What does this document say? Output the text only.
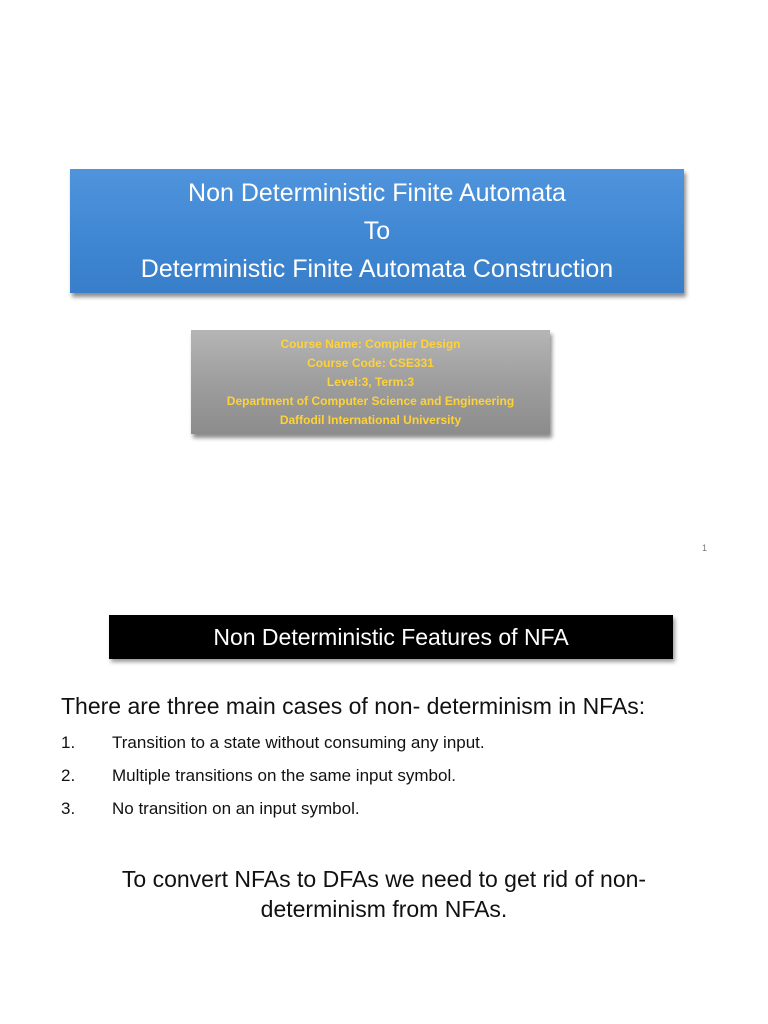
Non Deterministic Finite Automata
To
Deterministic Finite Automata Construction
Course Name: Compiler Design
Course Code: CSE331
Level:3, Term:3
Department of Computer Science and Engineering
Daffodil International University
1
Non Deterministic Features of NFA
There are three main cases of non- determinism in NFAs:
1.	Transition to a state without consuming any input.
2.	Multiple transitions on the same input symbol.
3.	No transition on an input symbol.
To convert NFAs to DFAs we need to get rid of non-
determinism from NFAs.
